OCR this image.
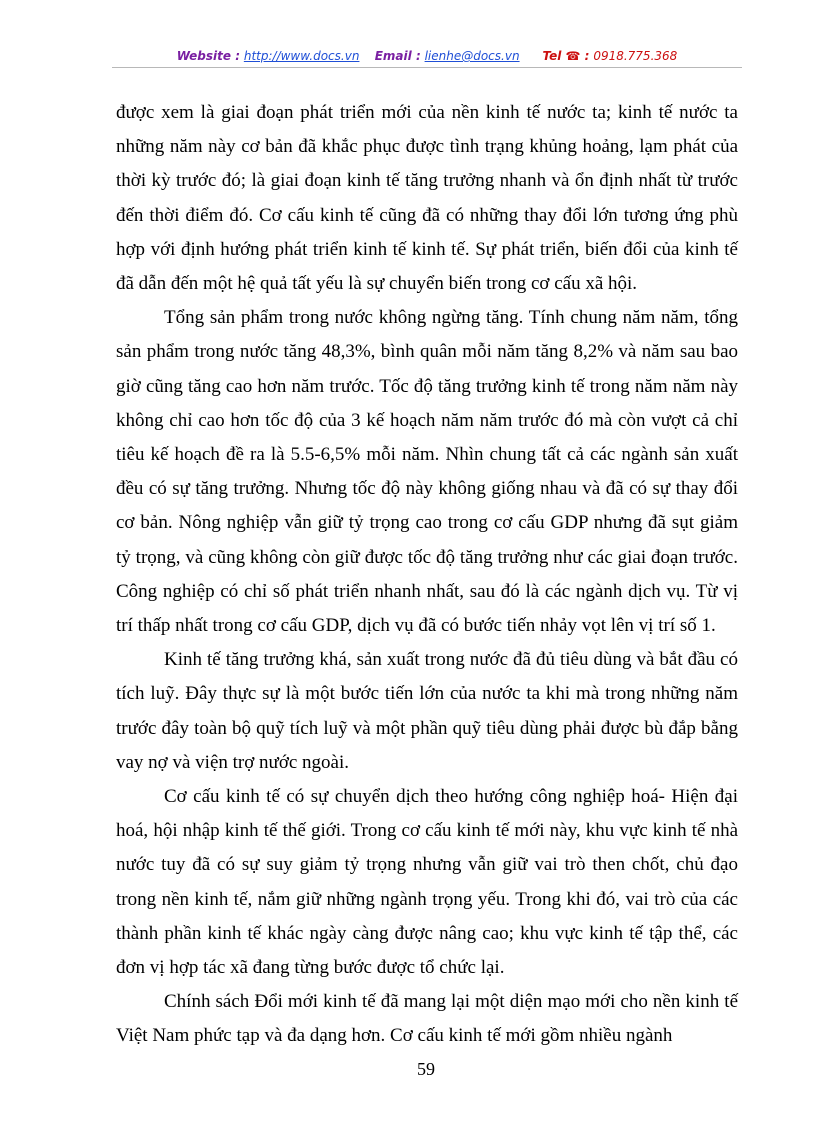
Website : http://www.docs.vn Email : lienhe@docs.vn Tel ☎ : 0918.775.368

được xem là giai đoạn phát triển mới của nền kinh tế nước ta; kinh tế nước ta những năm này cơ bản đã khắc phục được tình trạng khủng hoảng, lạm phát của thời kỳ trước đó; là giai đoạn kinh tế tăng trưởng nhanh và ổn định nhất từ trước đến thời điểm đó. Cơ cấu kinh tế cũng đã có những thay đổi lớn tương ứng phù hợp với định hướng phát triển kinh tế kinh tế. Sự phát triển, biến đổi của kinh tế đã dẫn đến một hệ quả tất yếu là sự chuyển biến trong cơ cấu xã hội.

Tổng sản phẩm trong nước không ngừng tăng. Tính chung năm năm, tổng sản phẩm trong nước tăng 48,3%, bình quân mỗi năm tăng 8,2% và năm sau bao giờ cũng tăng cao hơn năm trước. Tốc độ tăng trưởng kinh tế trong năm năm này không chỉ cao hơn tốc độ của 3 kế hoạch năm năm trước đó mà còn vượt cả chỉ tiêu kế hoạch đề ra là 5.5-6,5% mỗi năm. Nhìn chung tất cả các ngành sản xuất đều có sự tăng trưởng. Nhưng tốc độ này không giống nhau và đã có sự thay đổi cơ bản. Nông nghiệp vẫn giữ tỷ trọng cao trong cơ cấu GDP nhưng đã sụt giảm tỷ trọng, và cũng không còn giữ được tốc độ tăng trưởng như các giai đoạn trước. Công nghiệp có chỉ số phát triển nhanh nhất, sau đó là các ngành dịch vụ. Từ vị trí thấp nhất trong cơ cấu GDP, dịch vụ đã có bước tiến nhảy vọt lên vị trí số 1.

Kinh tế tăng trưởng khá, sản xuất trong nước đã đủ tiêu dùng và bắt đầu có tích luỹ. Đây thực sự là một bước tiến lớn của nước ta khi mà trong những năm trước đây toàn bộ quỹ tích luỹ và một phần quỹ tiêu dùng phải được bù đắp bằng vay nợ và viện trợ nước ngoài.

Cơ cấu kinh tế có sự chuyển dịch theo hướng công nghiệp hoá- Hiện đại hoá, hội nhập kinh tế thế giới. Trong cơ cấu kinh tế mới này, khu vực kinh tế nhà nước tuy đã có sự suy giảm tỷ trọng nhưng vẫn giữ vai trò then chốt, chủ đạo trong nền kinh tế, nắm giữ những ngành trọng yếu. Trong khi đó, vai trò của các thành phần kinh tế khác ngày càng được nâng cao; khu vực kinh tế tập thể, các đơn vị hợp tác xã đang từng bước được tổ chức lại.

Chính sách Đổi mới kinh tế đã mang lại một diện mạo mới cho nền kinh tế Việt Nam phức tạp và đa dạng hơn. Cơ cấu kinh tế mới gồm nhiều ngành

59
